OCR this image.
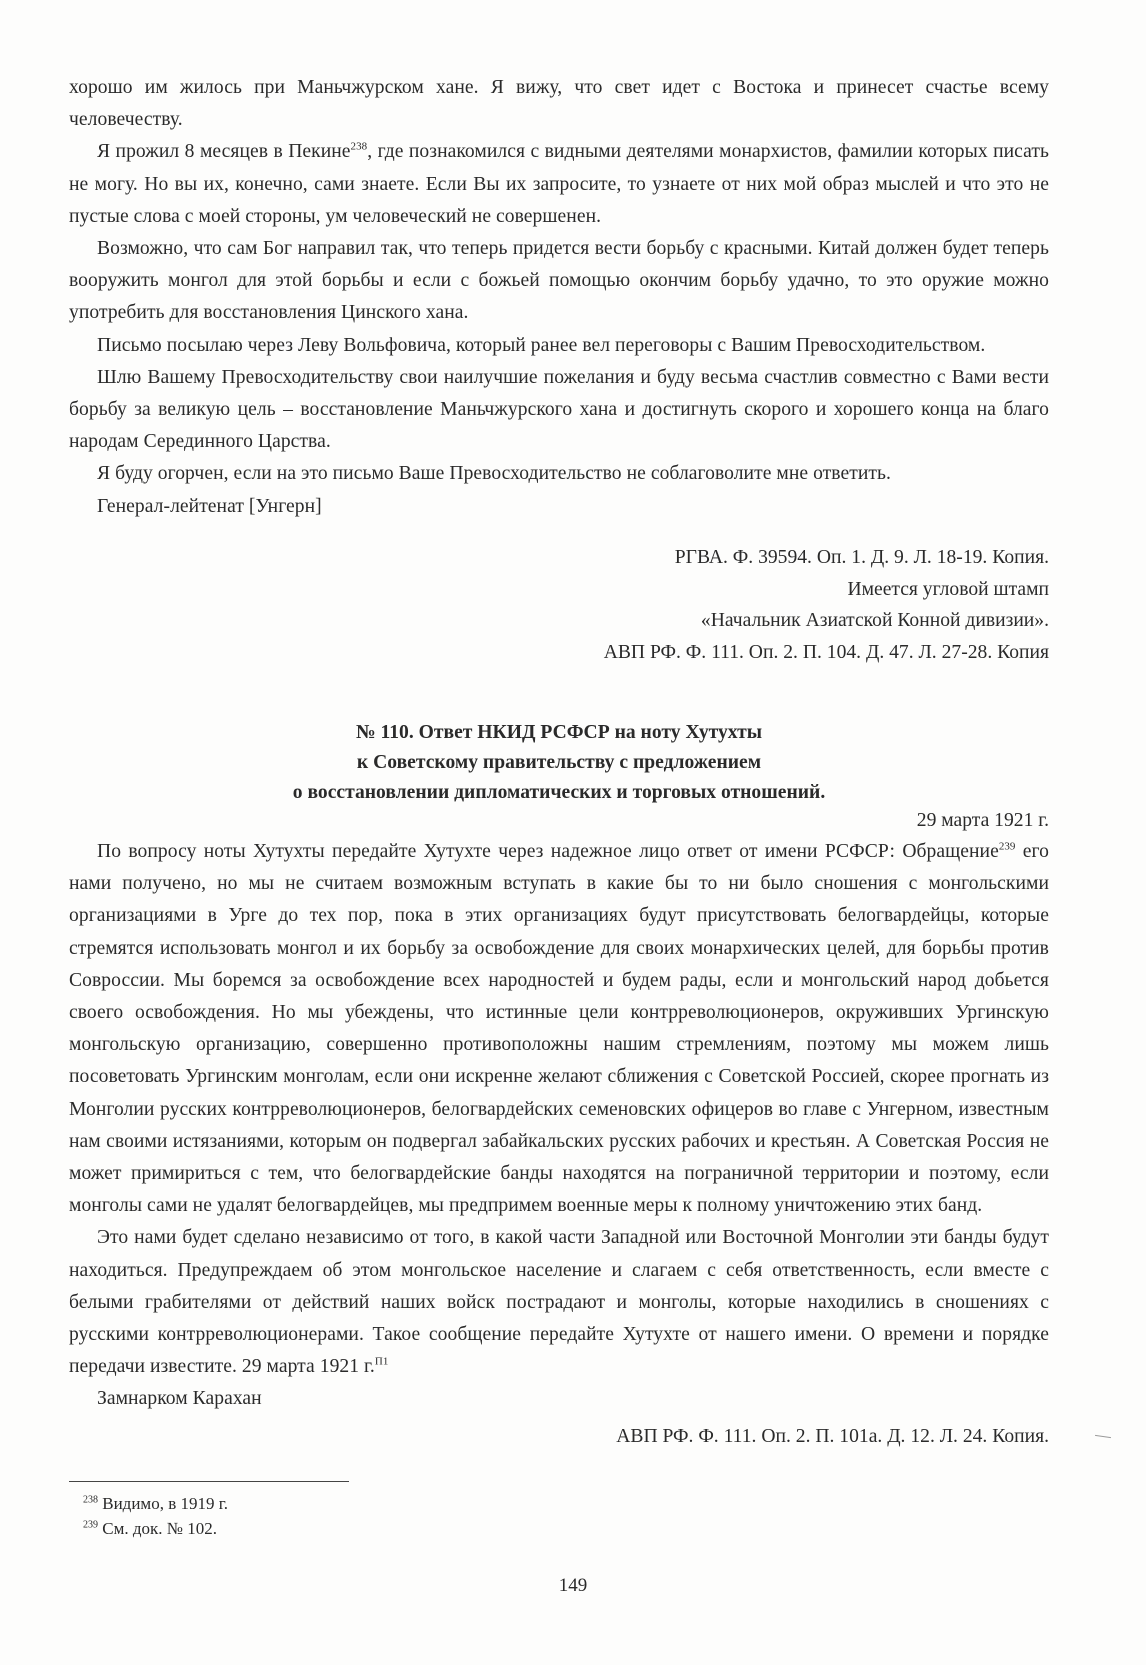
хорошо им жилось при Маньчжурском хане. Я вижу, что свет идет с Востока и принесет счастье всему человечеству.

Я прожил 8 месяцев в Пекине$^{238}$, где познакомился с видными деятелями монархистов, фамилии которых писать не могу. Но вы их, конечно, сами знаете. Если Вы их запросите, то узнаете от них мой образ мыслей и что это не пустые слова с моей стороны, ум человеческий не совершенен.

Возможно, что сам Бог направил так, что теперь придется вести борьбу с красными. Китай должен будет теперь вооружить монгол для этой борьбы и если с божьей помощью окончим борьбу удачно, то это оружие можно употребить для восстановления Цинского хана.

Письмо посылаю через Леву Вольфовича, который ранее вел переговоры с Вашим Превосходительством.

Шлю Вашему Превосходительству свои наилучшие пожелания и буду весьма счастлив совместно с Вами вести борьбу за великую цель – восстановление Маньчжурского хана и достигнуть скорого и хорошего конца на благо народам Серединного Царства.

Я буду огорчен, если на это письмо Ваше Превосходительство не соблаговолите мне ответить.

Генерал-лейтенат [Унгерн]

РГВА. Ф. 39594. Оп. 1. Д. 9. Л. 18-19. Копия.
Имеется угловой штамп
«Начальник Азиатской Конной дивизии».
АВП РФ. Ф. 111. Оп. 2. П. 104. Д. 47. Л. 27-28. Копия
№ 110. Ответ НКИД РСФСР на ноту Хутухты
к Советскому правительству с предложением
о восстановлении дипломатических и торговых отношений.
29 марта 1921 г.

По вопросу ноты Хутухты передайте Хутухте через надежное лицо ответ от имени РСФСР: Обращение$^{239}$ его нами получено, но мы не считаем возможным вступать в какие бы то ни было сношения с монгольскими организациями в Урге до тех пор, пока в этих организациях будут присутствовать белогвардейцы, которые стремятся использовать монгол и их борьбу за освобождение для своих монархических целей, для борьбы против Совроссии. Мы боремся за освобождение всех народностей и будем рады, если и монгольский народ добьется своего освобождения. Но мы убеждены, что истинные цели контрреволюционеров, окруживших Ургинскую монгольскую организацию, совершенно противоположны нашим стремлениям, поэтому мы можем лишь посоветовать Ургинским монголам, если они искренне желают сближения с Советской Россией, скорее прогнать из Монголии русских контрреволюционеров, белогвардейских семеновских офицеров во главе с Унгерном, известным нам своими истязаниями, которым он подвергал забайкальских русских рабочих и крестьян. А Советская Россия не может примириться с тем, что белогвардейские банды находятся на пограничной территории и поэтому, если монголы сами не удалят белогвардейцев, мы предпримем военные меры к полному уничтожению этих банд.

Это нами будет сделано независимо от того, в какой части Западной или Восточной Монголии эти банды будут находиться. Предупреждаем об этом монгольское население и слагаем с себя ответственность, если вместе с белыми грабителями от действий наших войск пострадают и монголы, которые находились в сношениях с русскими контрреволюционерами. Такое сообщение передайте Хутухте от нашего имени. О времени и порядке передачи известите. 29 марта 1921 г.$^{П1}$

Замнарком Карахан

АВП РФ. Ф. 111. Оп. 2. П. 101а. Д. 12. Л. 24. Копия.
$^{238}$ Видимо, в 1919 г.
$^{239}$ См. док. № 102.
149
